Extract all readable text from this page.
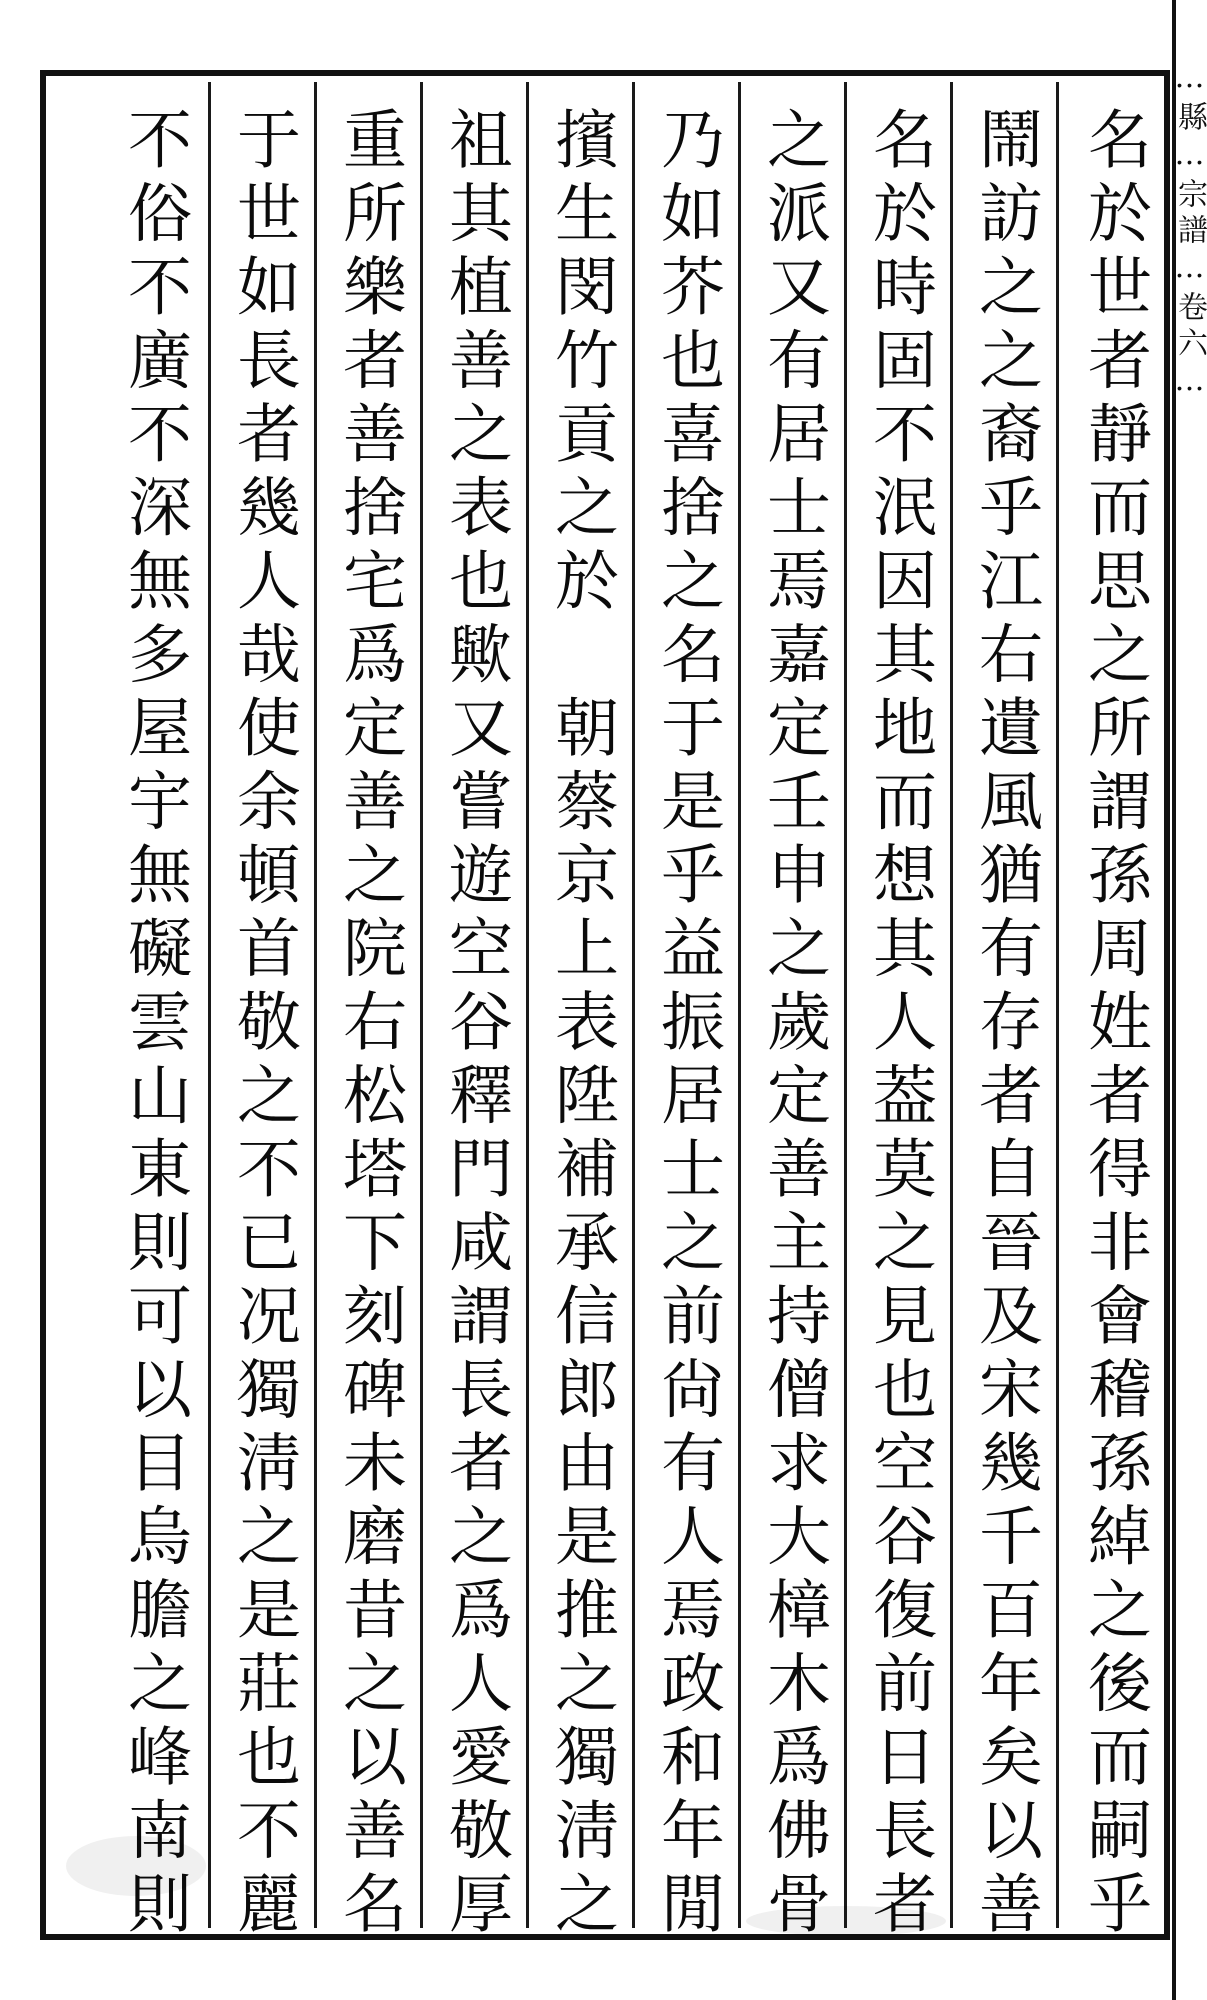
名於世者靜而思之所謂孫周姓者得非會稽孫綽之後而嗣乎
鬧訪之之裔乎江右遺風猶有存者自晉及宋幾千百年矣以善
名於時固不泯因其地而想其人葢莫之見也空谷復前日長者
之派又有居士焉嘉定壬申之歲定善主持僧求大樟木爲佛骨
乃如芥也喜捨之名于是乎益振居士之前尙有人焉政和年閒
擯生閔竹貢之於　朝蔡京上表陞補承信郎由是推之獨淸之
祖其植善之表也歟又嘗遊空谷釋門咸謂長者之爲人愛敬厚
重所樂者善捨宅爲定善之院右松塔下刻碑未磨昔之以善名
于世如長者幾人哉使余頓首敬之不已况獨淸之是莊也不麗
不俗不廣不深無多屋宇無礙雲山東則可以目烏膽之峰南則	…縣…宗譜…卷六…
